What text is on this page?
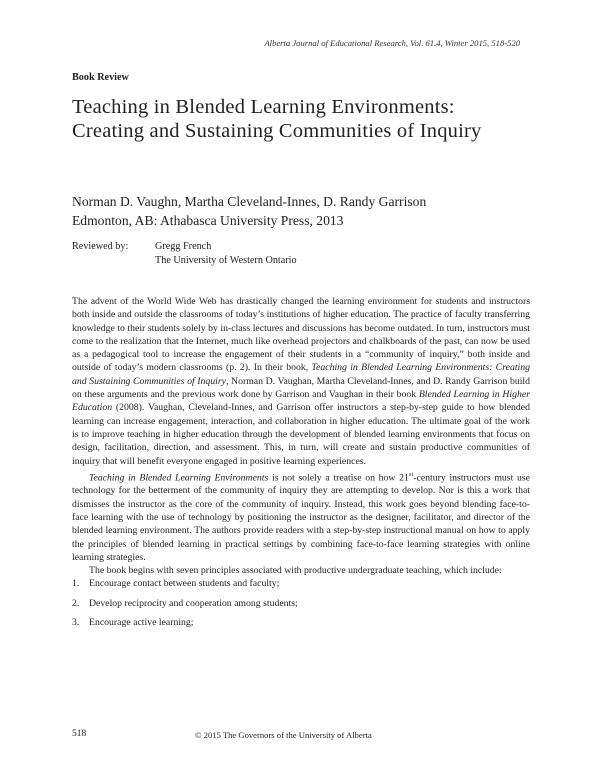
Alberta Journal of Educational Research, Vol. 61.4, Winter 2015, 518-520
Book Review
Teaching in Blended Learning Environments: Creating and Sustaining Communities of Inquiry
Norman D. Vaughn, Martha Cleveland-Innes, D. Randy Garrison
Edmonton, AB: Athabasca University Press, 2013
Reviewed by:	Gregg French
The University of Western Ontario

The advent of the World Wide Web has drastically changed the learning environment for students and instructors both inside and outside the classrooms of today’s institutions of higher education. The practice of faculty transferring knowledge to their students solely by in-class lectures and discussions has become outdated. In turn, instructors must come to the realization that the Internet, much like overhead projectors and chalkboards of the past, can now be used as a pedagogical tool to increase the engagement of their students in a “community of inquiry,” both inside and outside of today’s modern classrooms (p. 2). In their book, Teaching in Blended Learning Environments: Creating and Sustaining Communities of Inquiry, Norman D. Vaughan, Martha Cleveland-Innes, and D. Randy Garrison build on these arguments and the previous work done by Garrison and Vaughan in their book Blended Learning in Higher Education (2008). Vaughan, Cleveland-Innes, and Garrison offer instructors a step-by-step guide to how blended learning can increase engagement, interaction, and collaboration in higher education. The ultimate goal of the work is to improve teaching in higher education through the development of blended learning environments that focus on design, facilitation, direction, and assessment. This, in turn, will create and sustain productive communities of inquiry that will benefit everyone engaged in positive learning experiences.

Teaching in Blended Learning Environments is not solely a treatise on how 21st-century instructors must use technology for the betterment of the community of inquiry they are attempting to develop. Nor is this a work that dismisses the instructor as the core of the community of inquiry. Instead, this work goes beyond blending face-to-face learning with the use of technology by positioning the instructor as the designer, facilitator, and director of the blended learning environment. The authors provide readers with a step-by-step instructional manual on how to apply the principles of blended learning in practical settings by combining face-to-face learning strategies with online learning strategies.

The book begins with seven principles associated with productive undergraduate teaching, which include:

1. Encourage contact between students and faculty;
2. Develop reciprocity and cooperation among students;
3. Encourage active learning;
518	© 2015 The Governors of the University of Alberta
